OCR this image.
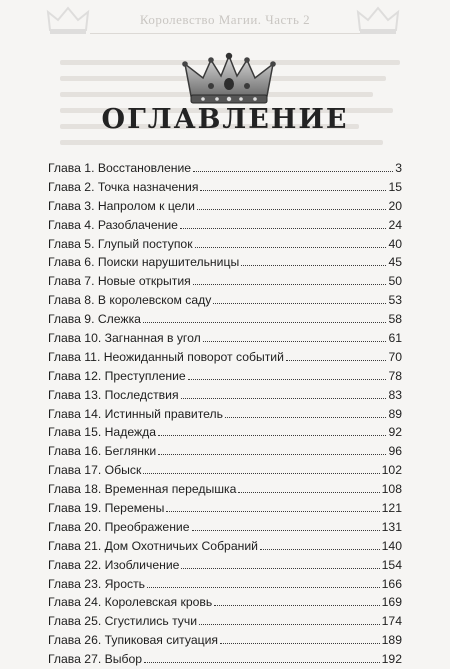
Королевство Магии. Часть 2
ОГЛАВЛЕНИЕ
Глава 1. Восстановление	3
Глава 2. Точка назначения	15
Глава 3. Напролом к цели	20
Глава 4. Разоблачение	24
Глава 5. Глупый поступок	40
Глава 6. Поиски нарушительницы	45
Глава 7. Новые открытия	50
Глава 8. В королевском саду	53
Глава 9. Слежка	58
Глава 10. Загнанная в угол	61
Глава 11. Неожиданный поворот событий	70
Глава 12. Преступление	78
Глава 13. Последствия	83
Глава 14. Истинный правитель	89
Глава 15. Надежда	92
Глава 16. Беглянки	96
Глава 17. Обыск	102
Глава 18. Временная передышка	108
Глава 19. Перемены	121
Глава 20. Преображение	131
Глава 21. Дом Охотничьих Собраний	140
Глава 22. Изобличение	154
Глава 23. Ярость	166
Глава 24. Королевская кровь	169
Глава 25. Сгустились тучи	174
Глава 26. Тупиковая ситуация	189
Глава 27. Выбор	192
